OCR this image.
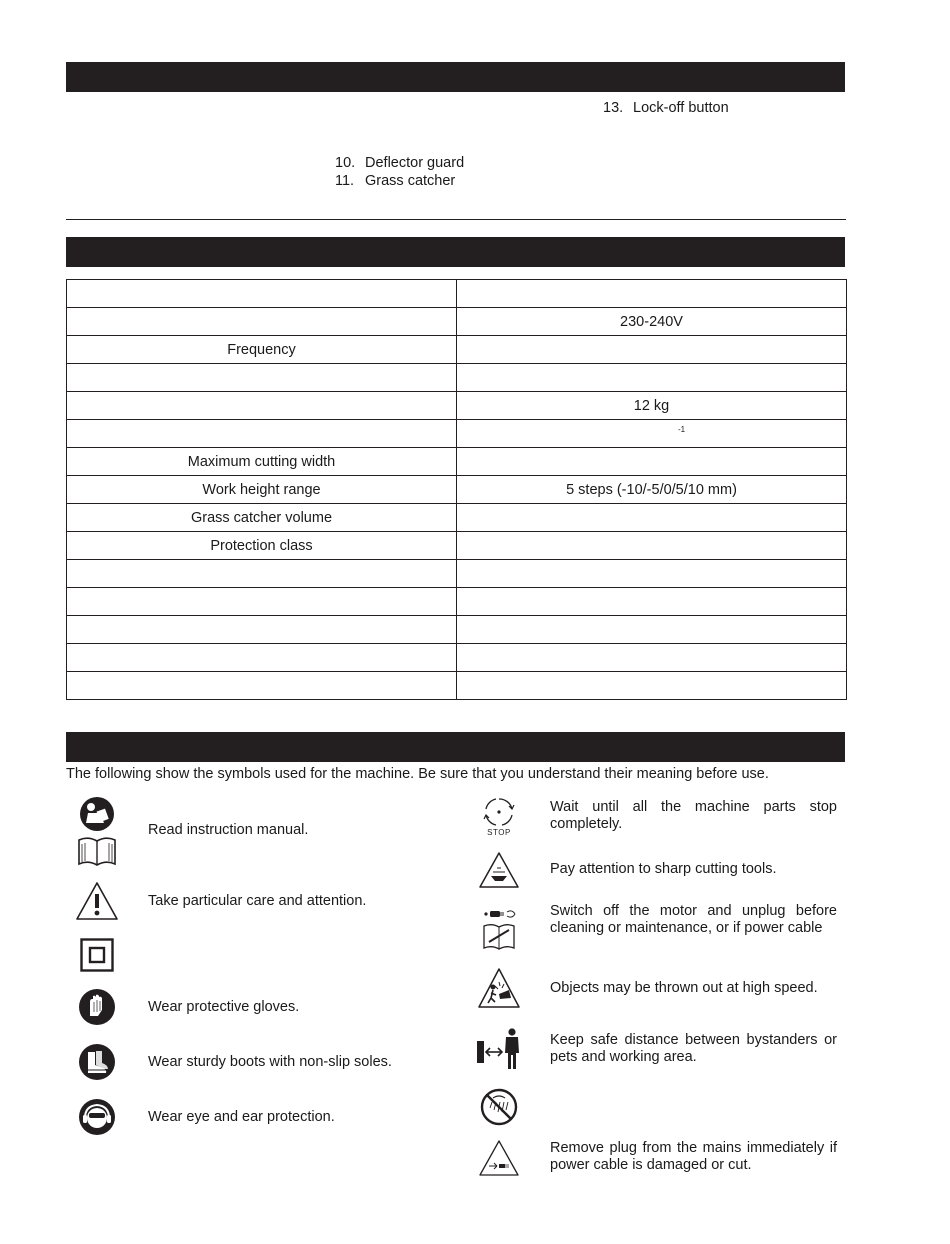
13. Lock-off button
10. Deflector guard
11. Grass catcher

	230-240V
Frequency	

	12 kg
	$^{-1}$
Maximum cutting width	
Work height range	5 steps (-10/-5/0/5/10 mm)
Grass catcher volume	
Protection class	

The following show the symbols used for the machine. Be sure that you understand their meaning before use.
Read instruction manual.
Take particular care and attention.
Wear protective gloves.
Wear sturdy boots with non-slip soles.
Wear eye and ear protection.
STOP
Wait until all the machine parts stop completely.
Pay attention to sharp cutting tools.
Switch off the motor and unplug before cleaning or maintenance, or if power cable
Objects may be thrown out at high speed.
Keep safe distance between bystanders or pets and working area.
Remove plug from the mains immediately if power cable is damaged or cut.
